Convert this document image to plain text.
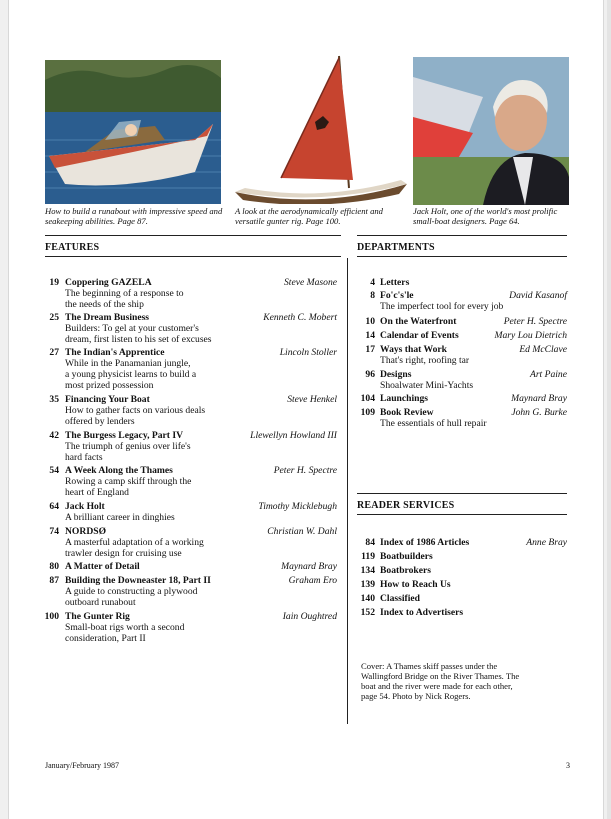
How to build a runabout with impressive speed and seakeeping abilities. Page 87.
A look at the aerodynamically efficient and versatile gunter rig. Page 100.
Jack Holt, one of the world's most prolific small-boat designers. Page 64.
FEATURES	DEPARTMENTS
19 Coppering GAZELA	Steve Masone
The beginning of a response to
the needs of the ship
25 The Dream Business	Kenneth C. Mobert
Builders: To gel at your customer's
dream, first listen to his set of excuses
27 The Indian's Apprentice	Lincoln Stoller
While in the Panamanian jungle,
a young physicist learns to build a
most prized possession
35 Financing Your Boat	Steve Henkel
How to gather facts on various deals
offered by lenders
42 The Burgess Legacy, Part IV	Llewellyn Howland III
The triumph of genius over life's
hard facts
54 A Week Along the Thames	Peter H. Spectre
Rowing a camp skiff through the
heart of England
64 Jack Holt	Timothy Micklebugh
A brilliant career in dinghies
74 NORDSØ	Christian W. Dahl
A masterful adaptation of a working
trawler design for cruising use
80 A Matter of Detail	Maynard Bray
87 Building the Downeaster 18, Part II	Graham Ero
A guide to constructing a plywood
outboard runabout
100 The Gunter Rig	Iain Oughtred
Small-boat rigs worth a second
consideration, Part II
4 Letters
8 Fo'c's'le	David Kasanof
The imperfect tool for every job
10 On the Waterfront	Peter H. Spectre
14 Calendar of Events	Mary Lou Dietrich
17 Ways that Work	Ed McClave
That's right, roofing tar
96 Designs	Art Paine
Shoalwater Mini-Yachts
104 Launchings	Maynard Bray
109 Book Review	John G. Burke
The essentials of hull repair
READER SERVICES
84 Index of 1986 Articles	Anne Bray
119 Boatbuilders
134 Boatbrokers
139 How to Reach Us
140 Classified
152 Index to Advertisers
Cover: A Thames skiff passes under the Wallingford Bridge on the River Thames. The boat and the river were made for each other, page 54. Photo by Nick Rogers.
January/February 1987	3
